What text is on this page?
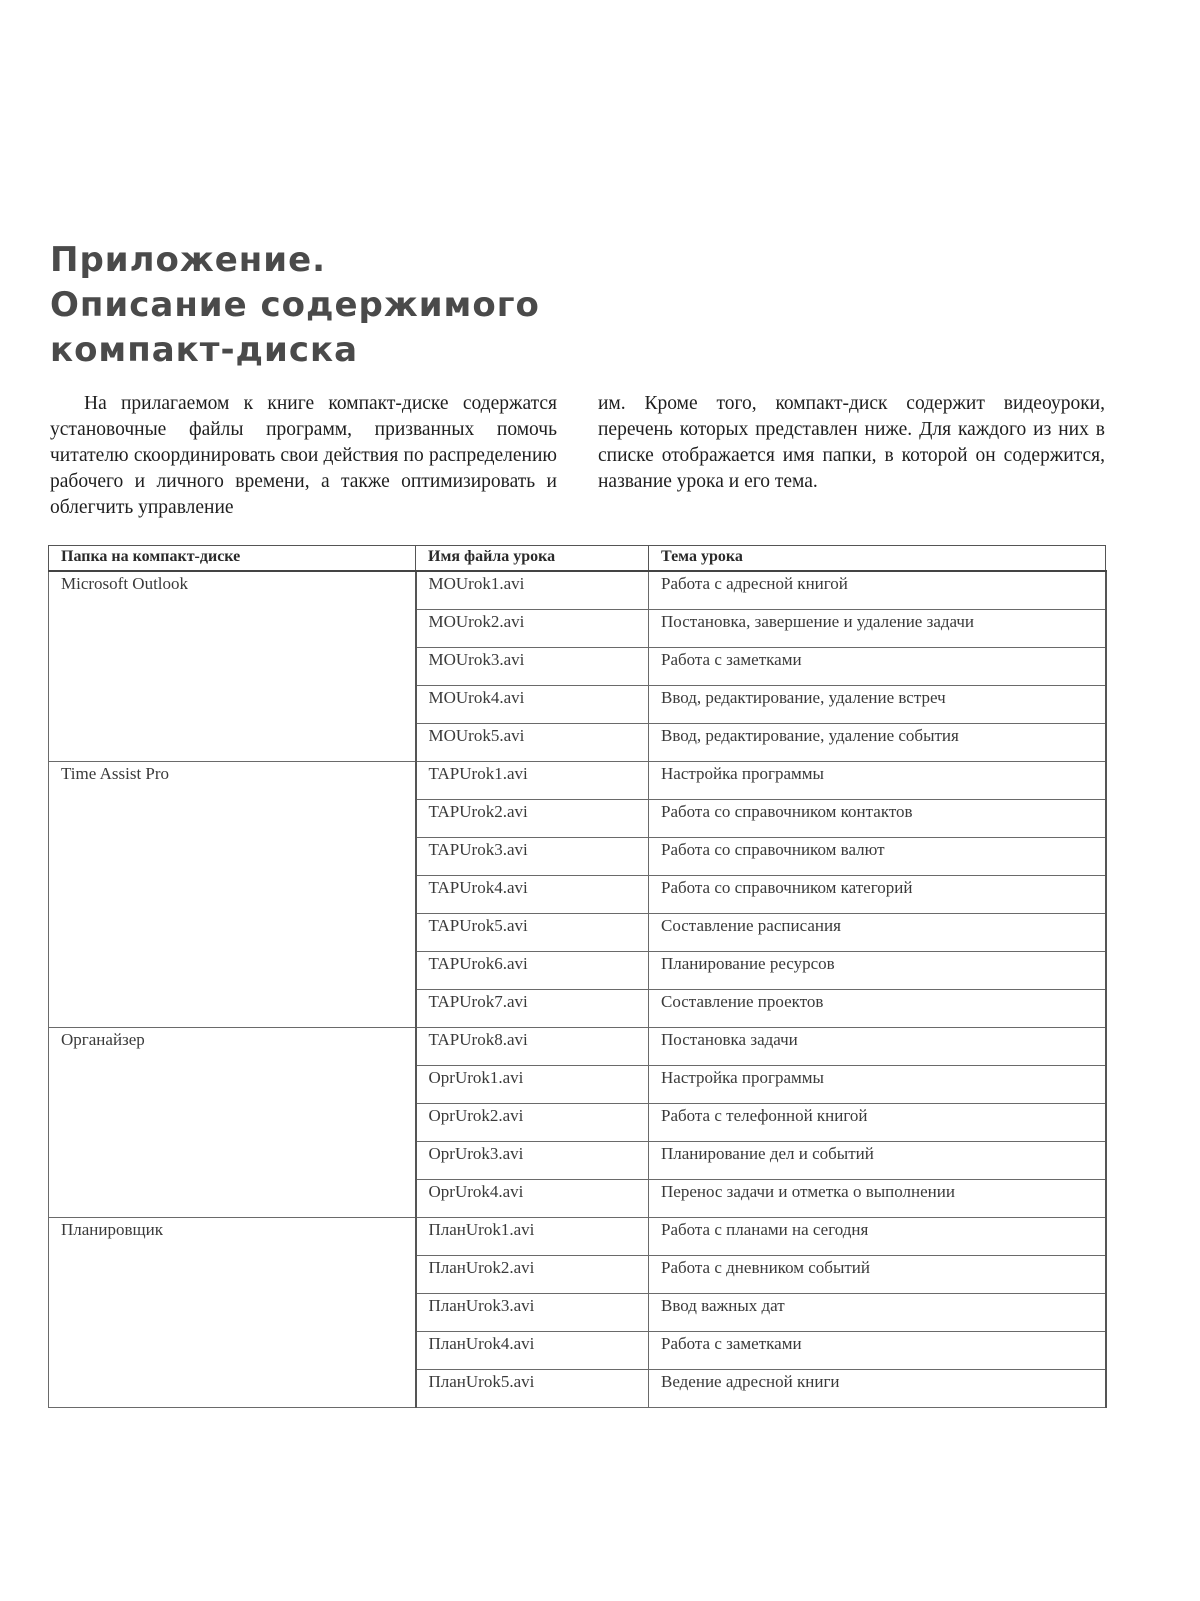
Приложение.
Описание содержимого
компакт-диска

На прилагаемом к книге компакт-диске содержатся установочные файлы программ, призванных помочь читателю скоординировать свои действия по распределению рабочего и личного времени, а также оптимизировать и облегчить управление

им. Кроме того, компакт-диск содержит видеоуроки, перечень которых представлен ниже. Для каждого из них в списке отображается имя папки, в которой он содержится, название урока и его тема.

Папка на компакт-диске	Имя файла урока	Тема урока
Microsoft Outlook	MOUrok1.avi	Работа с адресной книгой
	MOUrok2.avi	Постановка, завершение и удаление задачи
	MOUrok3.avi	Работа с заметками
	MOUrok4.avi	Ввод, редактирование, удаление встреч
	MOUrok5.avi	Ввод, редактирование, удаление события
Time Assist Pro	TAPUrok1.avi	Настройка программы
	TAPUrok2.avi	Работа со справочником контактов
	TAPUrok3.avi	Работа со справочником валют
	TAPUrok4.avi	Работа со справочником категорий
	TAPUrok5.avi	Составление расписания
	TAPUrok6.avi	Планирование ресурсов
	TAPUrok7.avi	Составление проектов
Органайзер	TAPUrok8.avi	Постановка задачи
	OprUrok1.avi	Настройка программы
	OprUrok2.avi	Работа с телефонной книгой
	OprUrok3.avi	Планирование дел и событий
	OprUrok4.avi	Перенос задачи и отметка о выполнении
Планировщик	ПланUrok1.avi	Работа с планами на сегодня
	ПланUrok2.avi	Работа с дневником событий
	ПланUrok3.avi	Ввод важных дат
	ПланUrok4.avi	Работа с заметками
	ПланUrok5.avi	Ведение адресной книги
